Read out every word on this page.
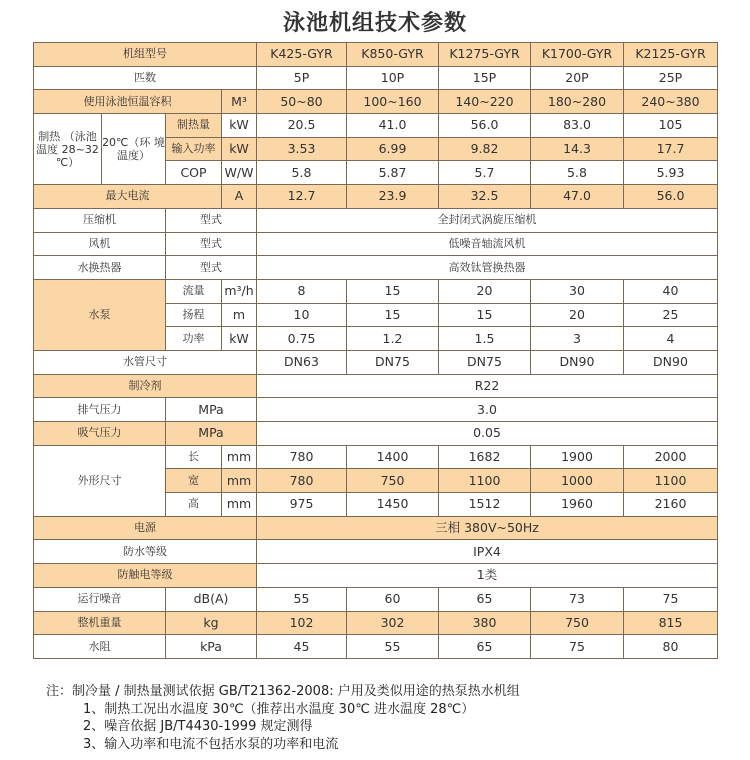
泳池机组技术参数
机组型号				K425-GYR	K850-GYR	K1275-GYR	K1700-GYR	K2125-GYR
匹数				5P	10P	15P	20P	25P
使用泳池恒温容积			M³	50~80	100~160	140~220	180~280	240~380
制热 （泳池温度 28~32 ℃）	20℃（环 境温度）	制热量	kW	20.5	41.0	56.0	83.0	105
		输入功率	kW	3.53	6.99	9.82	14.3	17.7
		COP	W/W	5.8	5.87	5.7	5.8	5.93
最大电流			A	12.7	23.9	32.5	47.0	56.0
压缩机		型式		全封闭式涡旋压缩机				
风机		型式		低噪音轴流风机				
水换热器		型式		高效钛管换热器				
水泵		流量	m³/h	8	15	20	30	40
		扬程	m	10	15	15	20	25
		功率	kW	0.75	1.2	1.5	3	4
水管尺寸				DN63	DN75	DN75	DN90	DN90
制冷剂				R22				
排气压力		MPa		3.0				
吸气压力		MPa		0.05				
外形尺寸		长	mm	780	1400	1682	1900	2000
		宽	mm	780	750	1100	1000	1100
		高	mm	975	1450	1512	1960	2160
电源				三相 380V~50Hz				
防水等级				IPX4				
防触电等级				1类				
运行噪音		dB(A)		55	60	65	73	75
整机重量		kg		102	302	380	750	815
水阻		kPa		45	55	65	75	80
注：制冷量 / 制热量测试依据 GB/T21362-2008: 户用及类似用途的热泵热水机组
1、制热工况出水温度 30℃（推荐出水温度 30℃ 进水温度 28℃）
2、噪音依据 JB/T4430-1999 规定测得
3、输入功率和电流不包括水泵的功率和电流
